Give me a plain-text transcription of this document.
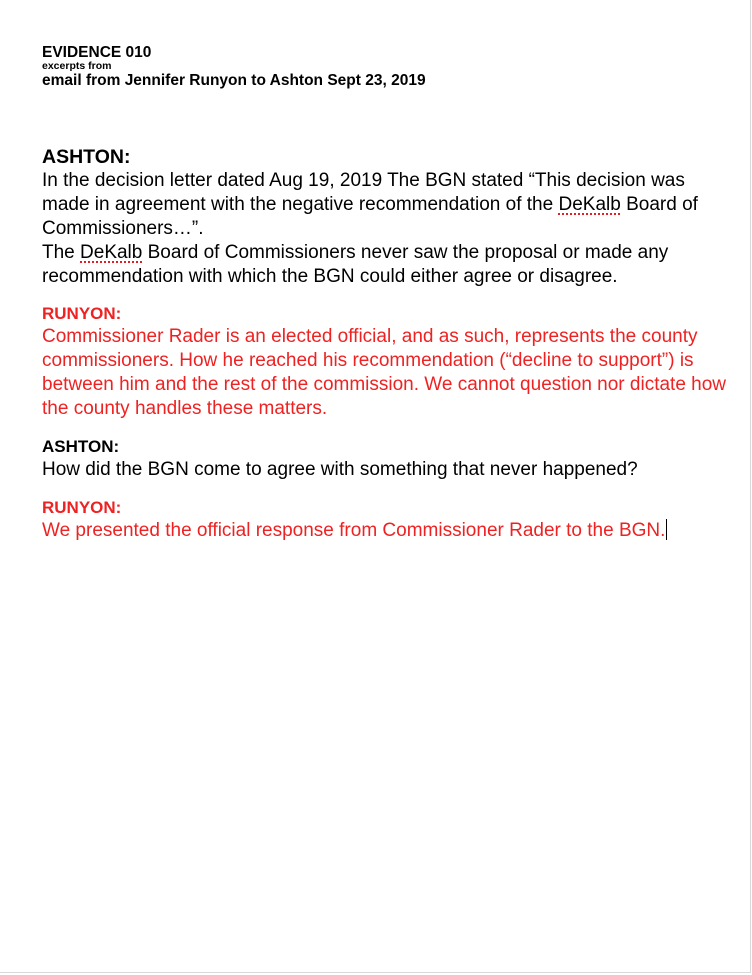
EVIDENCE 010
excerpts from
email from Jennifer Runyon to Ashton Sept 23, 2019
ASHTON:

In the decision letter dated Aug 19, 2019 The BGN stated “This decision was made in agreement with the negative recommendation of the DeKalb Board of Commissioners…”.

The DeKalb Board of Commissioners never saw the proposal or made any recommendation with which the BGN could either agree or disagree.

RUNYON:

Commissioner Rader is an elected official, and as such, represents the county commissioners. How he reached his recommendation (“decline to support”) is between him and the rest of the commission. We cannot question nor dictate how the county handles these matters.

ASHTON:

How did the BGN come to agree with something that never happened?

RUNYON:

We presented the official response from Commissioner Rader to the BGN.
